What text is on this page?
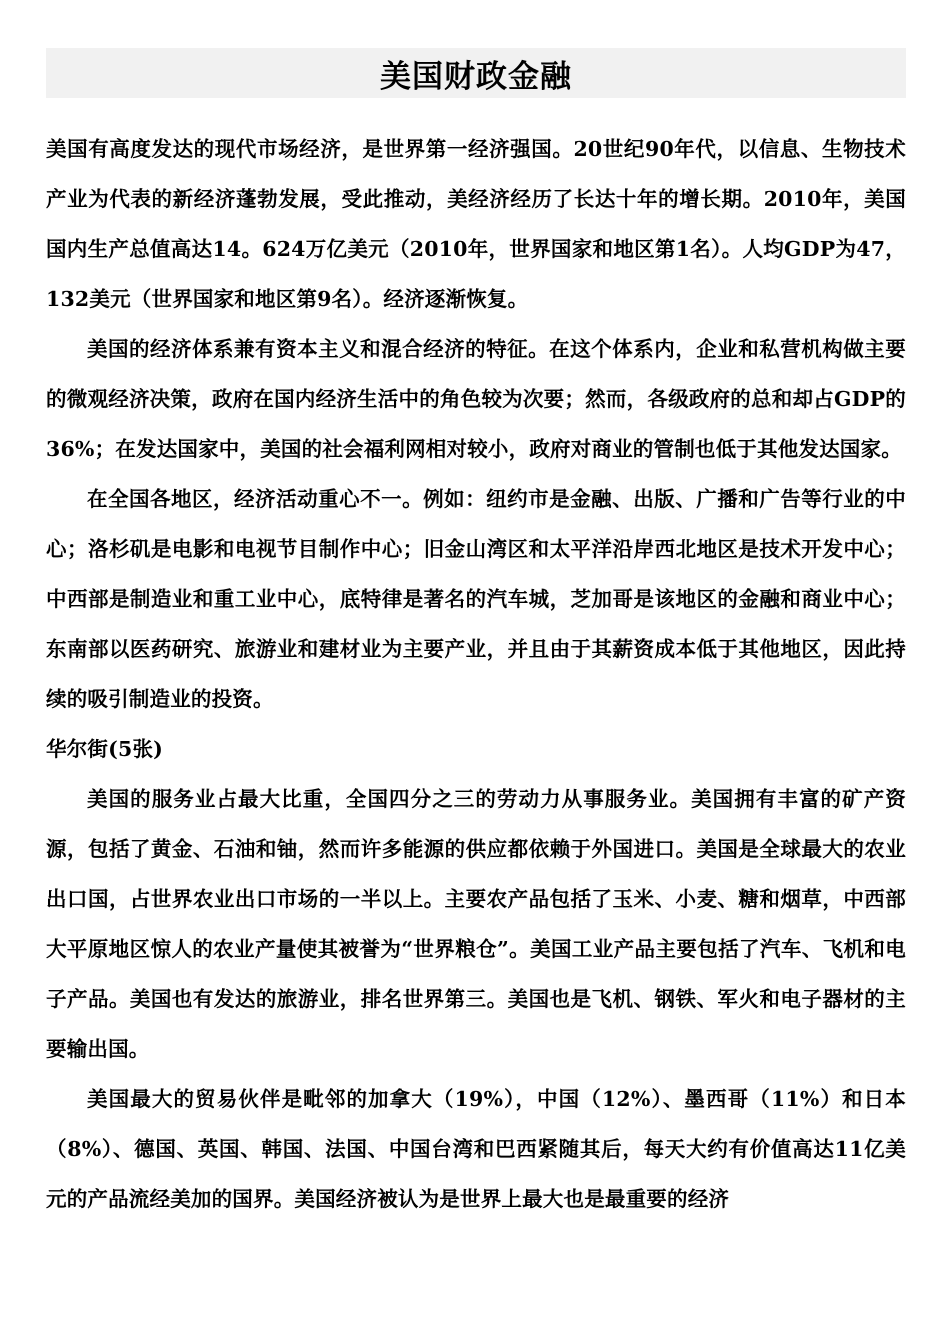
美国财政金融

美国有高度发达的现代市场经济，是世界第一经济强国。20世纪90年代，以信息、生物技术产业为代表的新经济蓬勃发展，受此推动，美经济经历了长达十年的增长期。2010年，美国国内生产总值高达14。624万亿美元（2010年，世界国家和地区第1名）。人均GDP为47，132美元（世界国家和地区第9名）。经济逐渐恢复。

美国的经济体系兼有资本主义和混合经济的特征。在这个体系内，企业和私营机构做主要的微观经济决策，政府在国内经济生活中的角色较为次要；然而，各级政府的总和却占GDP的36%；在发达国家中，美国的社会福利网相对较小，政府对商业的管制也低于其他发达国家。

在全国各地区，经济活动重心不一。例如：纽约市是金融、出版、广播和广告等行业的中心；洛杉矶是电影和电视节目制作中心；旧金山湾区和太平洋沿岸西北地区是技术开发中心；中西部是制造业和重工业中心，底特律是著名的汽车城，芝加哥是该地区的金融和商业中心；东南部以医药研究、旅游业和建材业为主要产业，并且由于其薪资成本低于其他地区，因此持续的吸引制造业的投资。

华尔街(5张)

美国的服务业占最大比重，全国四分之三的劳动力从事服务业。美国拥有丰富的矿产资源，包括了黄金、石油和铀，然而许多能源的供应都依赖于外国进口。美国是全球最大的农业出口国，占世界农业出口市场的一半以上。主要农产品包括了玉米、小麦、糖和烟草，中西部大平原地区惊人的农业产量使其被誉为“世界粮仓”。美国工业产品主要包括了汽车、飞机和电子产品。美国也有发达的旅游业，排名世界第三。美国也是飞机、钢铁、军火和电子器材的主要输出国。

美国最大的贸易伙伴是毗邻的加拿大（19%），中国（12%）、墨西哥（11%）和日本（8%）、德国、英国、韩国、法国、中国台湾和巴西紧随其后，每天大约有价值高达11亿美元的产品流经美加的国界。美国经济被认为是世界上最大也是最重要的经济
